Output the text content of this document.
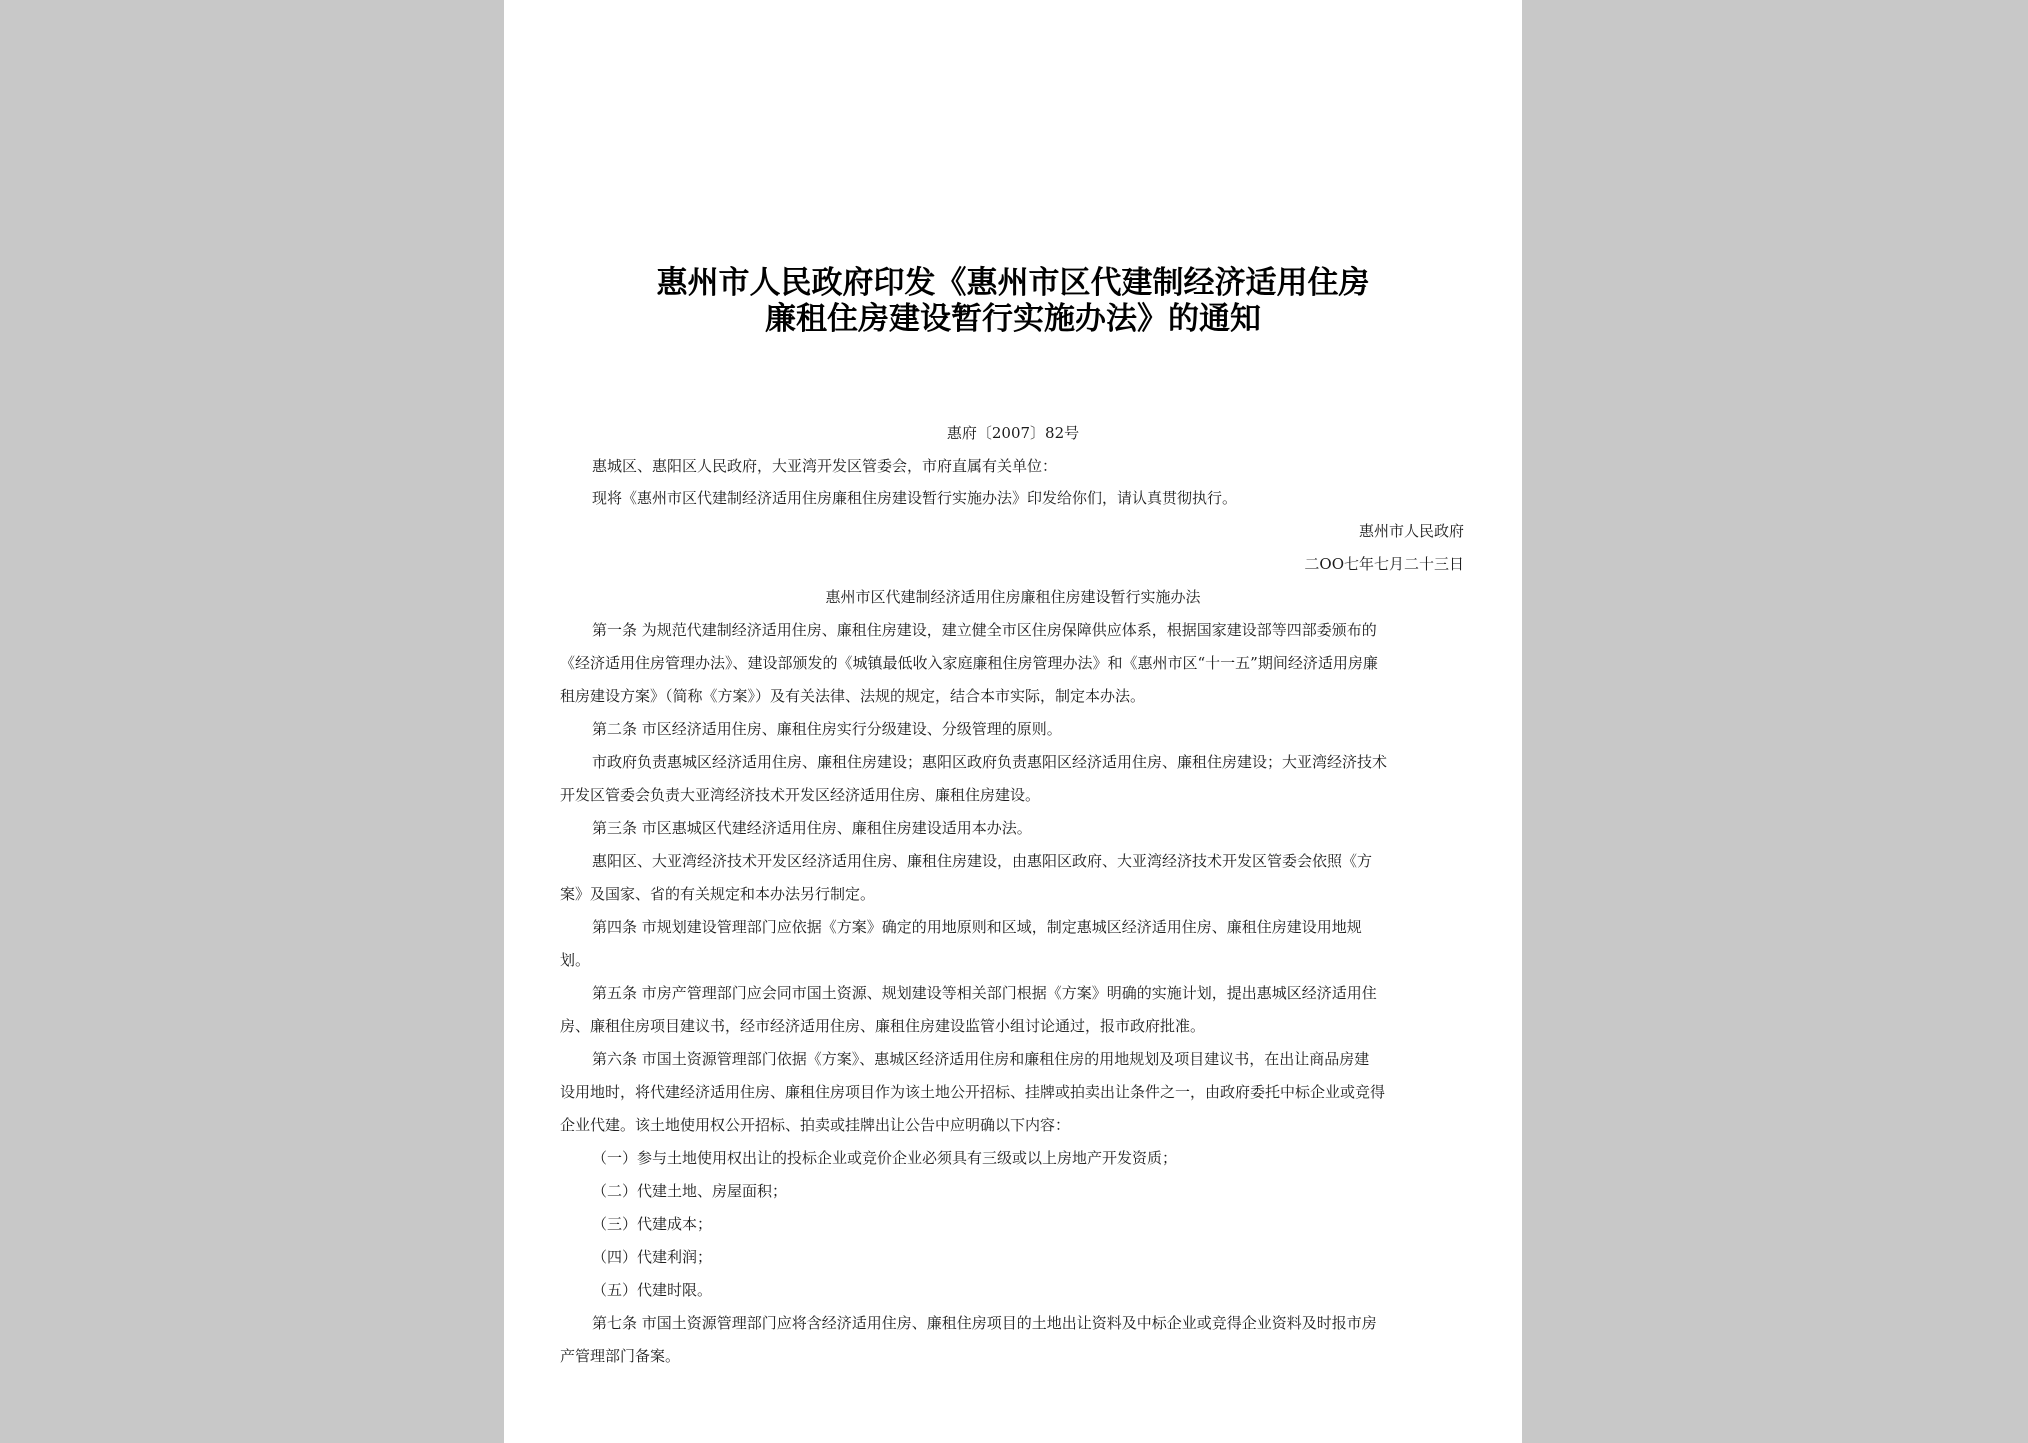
惠州市人民政府印发《惠州市区代建制经济适用住房
廉租住房建设暂行实施办法》的通知
惠府〔2007〕82号
惠城区、惠阳区人民政府，大亚湾开发区管委会，市府直属有关单位：
现将《惠州市区代建制经济适用住房廉租住房建设暂行实施办法》印发给你们，请认真贯彻执行。
惠州市人民政府
二OO七年七月二十三日
惠州市区代建制经济适用住房廉租住房建设暂行实施办法
第一条 为规范代建制经济适用住房、廉租住房建设，建立健全市区住房保障供应体系，根据国家建设部等四部委颁布的
《经济适用住房管理办法》、建设部颁发的《城镇最低收入家庭廉租住房管理办法》和《惠州市区“十一五”期间经济适用房廉
租房建设方案》（简称《方案》）及有关法律、法规的规定，结合本市实际，制定本办法。
第二条 市区经济适用住房、廉租住房实行分级建设、分级管理的原则。
市政府负责惠城区经济适用住房、廉租住房建设；惠阳区政府负责惠阳区经济适用住房、廉租住房建设；大亚湾经济技术
开发区管委会负责大亚湾经济技术开发区经济适用住房、廉租住房建设。
第三条 市区惠城区代建经济适用住房、廉租住房建设适用本办法。
惠阳区、大亚湾经济技术开发区经济适用住房、廉租住房建设，由惠阳区政府、大亚湾经济技术开发区管委会依照《方
案》及国家、省的有关规定和本办法另行制定。
第四条 市规划建设管理部门应依据《方案》确定的用地原则和区域，制定惠城区经济适用住房、廉租住房建设用地规
划。
第五条 市房产管理部门应会同市国土资源、规划建设等相关部门根据《方案》明确的实施计划，提出惠城区经济适用住
房、廉租住房项目建议书，经市经济适用住房、廉租住房建设监管小组讨论通过，报市政府批准。
第六条 市国土资源管理部门依据《方案》、惠城区经济适用住房和廉租住房的用地规划及项目建议书，在出让商品房建
设用地时，将代建经济适用住房、廉租住房项目作为该土地公开招标、挂牌或拍卖出让条件之一，由政府委托中标企业或竞得
企业代建。该土地使用权公开招标、拍卖或挂牌出让公告中应明确以下内容：
（一）参与土地使用权出让的投标企业或竞价企业必须具有三级或以上房地产开发资质；
（二）代建土地、房屋面积；
（三）代建成本；
（四）代建利润；
（五）代建时限。
第七条 市国土资源管理部门应将含经济适用住房、廉租住房项目的土地出让资料及中标企业或竞得企业资料及时报市房
产管理部门备案。
